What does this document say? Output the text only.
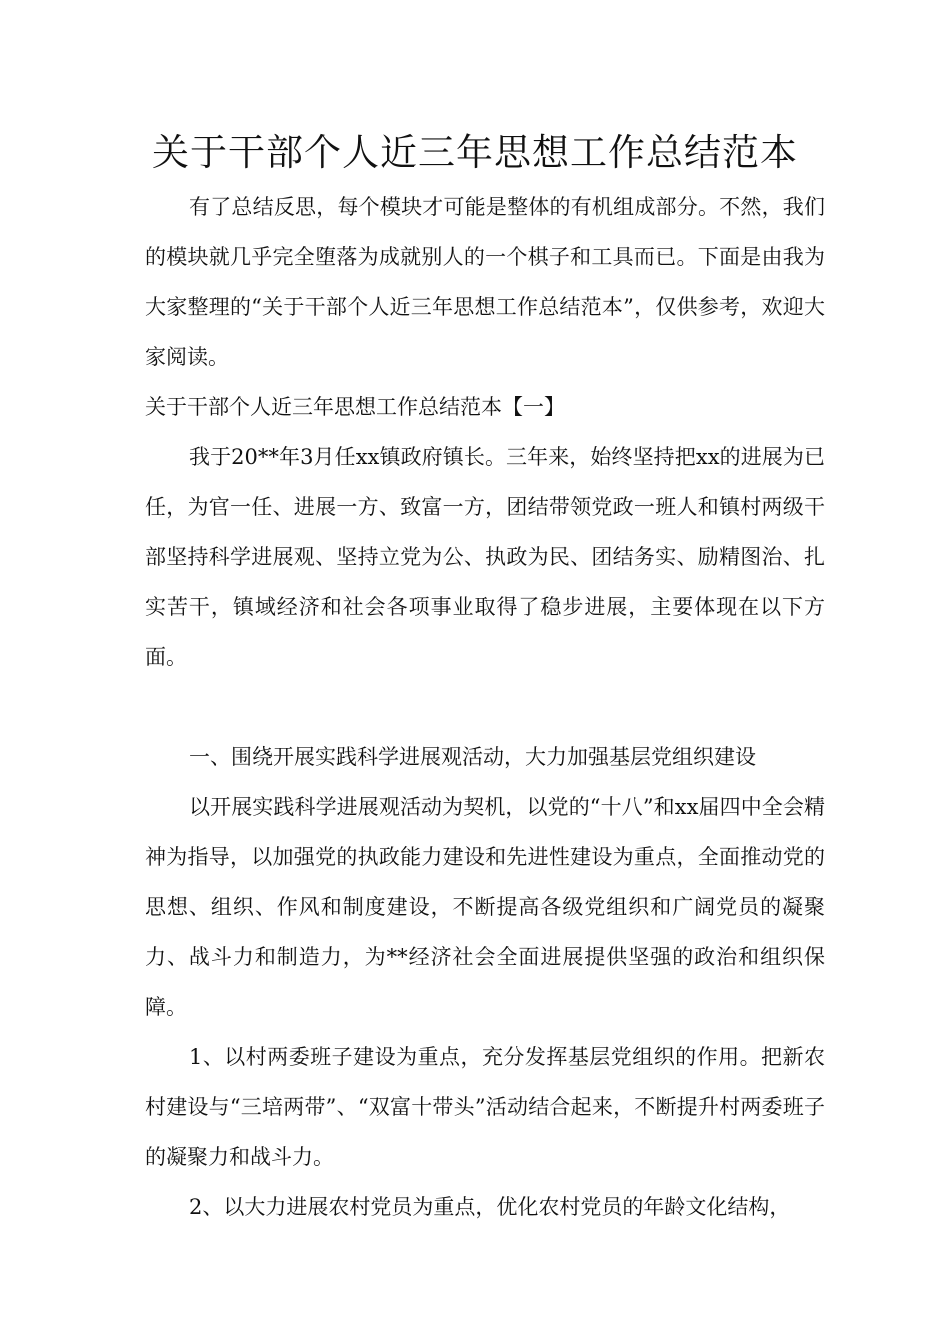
关于干部个人近三年思想工作总结范本

有了总结反思，每个模块才可能是整体的有机组成部分。不然，我们的模块就几乎完全堕落为成就别人的一个棋子和工具而已。下面是由我为大家整理的“关于干部个人近三年思想工作总结范本”，仅供参考，欢迎大家阅读。

关于干部个人近三年思想工作总结范本【一】

我于20**年3月任xx镇政府镇长。三年来，始终坚持把xx的进展为已任，为官一任、进展一方、致富一方，团结带领党政一班人和镇村两级干部坚持科学进展观、坚持立党为公、执政为民、团结务实、励精图治、扎实苦干，镇域经济和社会各项事业取得了稳步进展，主要体现在以下方面。

一、围绕开展实践科学进展观活动，大力加强基层党组织建设

以开展实践科学进展观活动为契机，以党的“十八”和xx届四中全会精神为指导，以加强党的执政能力建设和先进性建设为重点，全面推动党的思想、组织、作风和制度建设，不断提高各级党组织和广阔党员的凝聚力、战斗力和制造力，为**经济社会全面进展提供坚强的政治和组织保障。

1、以村两委班子建设为重点，充分发挥基层党组织的作用。把新农村建设与“三培两带”、“双富十带头”活动结合起来，不断提升村两委班子的凝聚力和战斗力。

2、以大力进展农村党员为重点，优化农村党员的年龄文化结构，
